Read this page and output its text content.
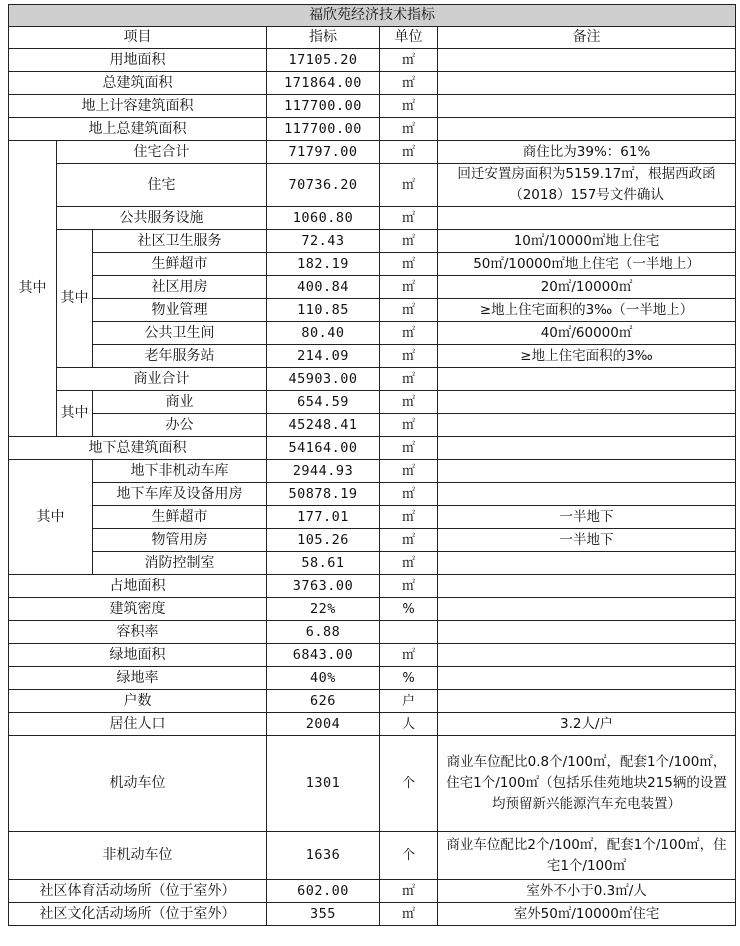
福欣苑经济技术指标					
项目			指标	单位	备注
用地面积			17105.20	㎡	
总建筑面积			171864.00	㎡	
地上计容建筑面积			117700.00	㎡	
地上总建筑面积			117700.00	㎡	
其中	住宅合计		71797.00	㎡	商住比为39%：61%
	住宅		70736.20	㎡	回迁安置房面积为5159.17㎡，根据西政函（2018）157号文件确认
	公共服务设施		1060.80	㎡	
	其中	社区卫生服务	72.43	㎡	10㎡/10000㎡地上住宅
		生鲜超市	182.19	㎡	50㎡/10000㎡地上住宅（一半地上）
		社区用房	400.84	㎡	20㎡/10000㎡
		物业管理	110.85	㎡	≥地上住宅面积的3‰（一半地上）
		公共卫生间	80.40	㎡	40㎡/60000㎡
		老年服务站	214.09	㎡	≥地上住宅面积的3‰
	商业合计		45903.00	㎡	
	其中	商业	654.59	㎡	
		办公	45248.41	㎡	
地下总建筑面积			54164.00	㎡	
其中		地下非机动车库	2944.93	㎡	
		地下车库及设备用房	50878.19	㎡	
		生鲜超市	177.01	㎡	一半地下
		物管用房	105.26	㎡	一半地下
		消防控制室	58.61	㎡	
占地面积			3763.00	㎡	
建筑密度			22%	%	
容积率			6.88		
绿地面积			6843.00	㎡	
绿地率			40%	%	
户数			626	户	
居住人口			2004	人	3.2人/户
机动车位			1301	个	商业车位配比0.8个/100㎡，配套1个/100㎡，住宅1个/100㎡（包括乐佳苑地块215辆的设置均预留新兴能源汽车充电装置）
非机动车位			1636	个	商业车位配比2个/100㎡，配套1个/100㎡，住宅1个/100㎡
社区体育活动场所（位于室外）			602.00	㎡	室外不小于0.3㎡/人
社区文化活动场所（位于室外）			355	㎡	室外50㎡/10000㎡住宅
